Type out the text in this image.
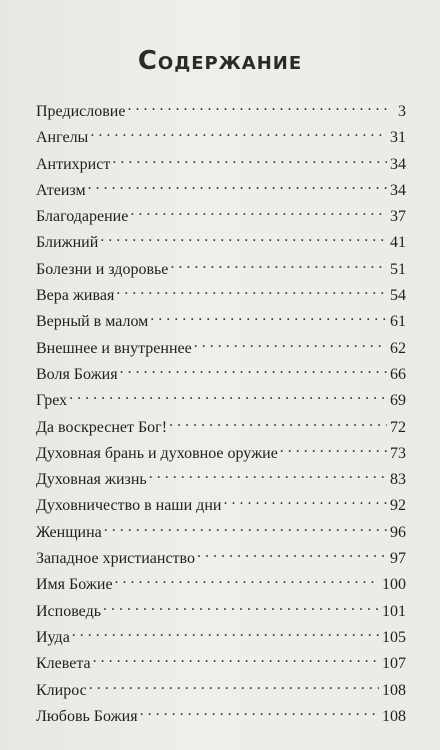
Содержание
Предисловие . . .	3
Ангелы . . .	31
Антихрист . . .	34
Атеизм . . .	34
Благодарение . . .	37
Ближний . . .	41
Болезни и здоровье . . .	51
Вера живая . . .	54
Верный в малом . . .	61
Внешнее и внутреннее . . .	62
Воля Божия . . .	66
Грех . . .	69
Да воскреснет Бог! . . .	72
Духовная брань и духовное оружие . . .	73
Духовная жизнь . . .	83
Духовничество в наши дни . . .	92
Женщина . . .	96
Западное христианство . . .	97
Имя Божие . . .	100
Исповедь . . .	101
Иуда . . .	105
Клевета . . .	107
Клирос . . .	108
Любовь Божия . . .	108
